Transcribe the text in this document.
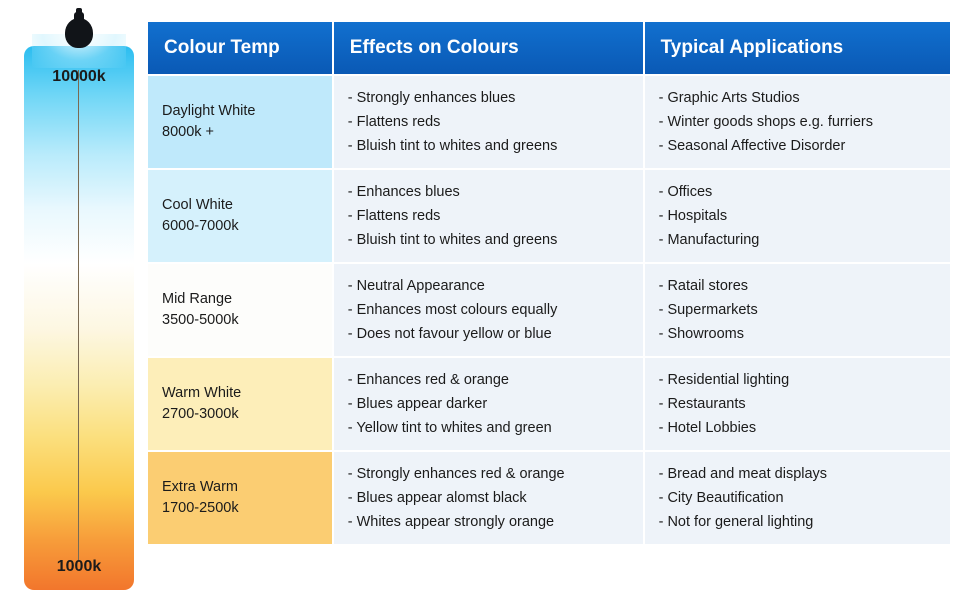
10000k
1000k
Colour Temp	Effects on Colours	Typical Applications

Daylight White
8000k +	- Strongly enhances blues
- Flattens reds
- Bluish tint to whites and greens	- Graphic Arts Studios
- Winter goods shops e.g. furriers
- Seasonal Affective Disorder

Cool White
6000-7000k	- Enhances blues
- Flattens reds
- Bluish tint to whites and greens	- Offices
- Hospitals
- Manufacturing

Mid Range
3500-5000k	- Neutral Appearance
- Enhances most colours equally
- Does not favour yellow or blue	- Ratail stores
- Supermarkets
- Showrooms

Warm White
2700-3000k	- Enhances red & orange
- Blues appear darker
- Yellow tint to whites and green	- Residential lighting
- Restaurants
- Hotel Lobbies

Extra Warm
1700-2500k	- Strongly enhances red & orange
- Blues appear alomst black
- Whites appear strongly orange	- Bread and meat displays
- City Beautification
- Not for general lighting
